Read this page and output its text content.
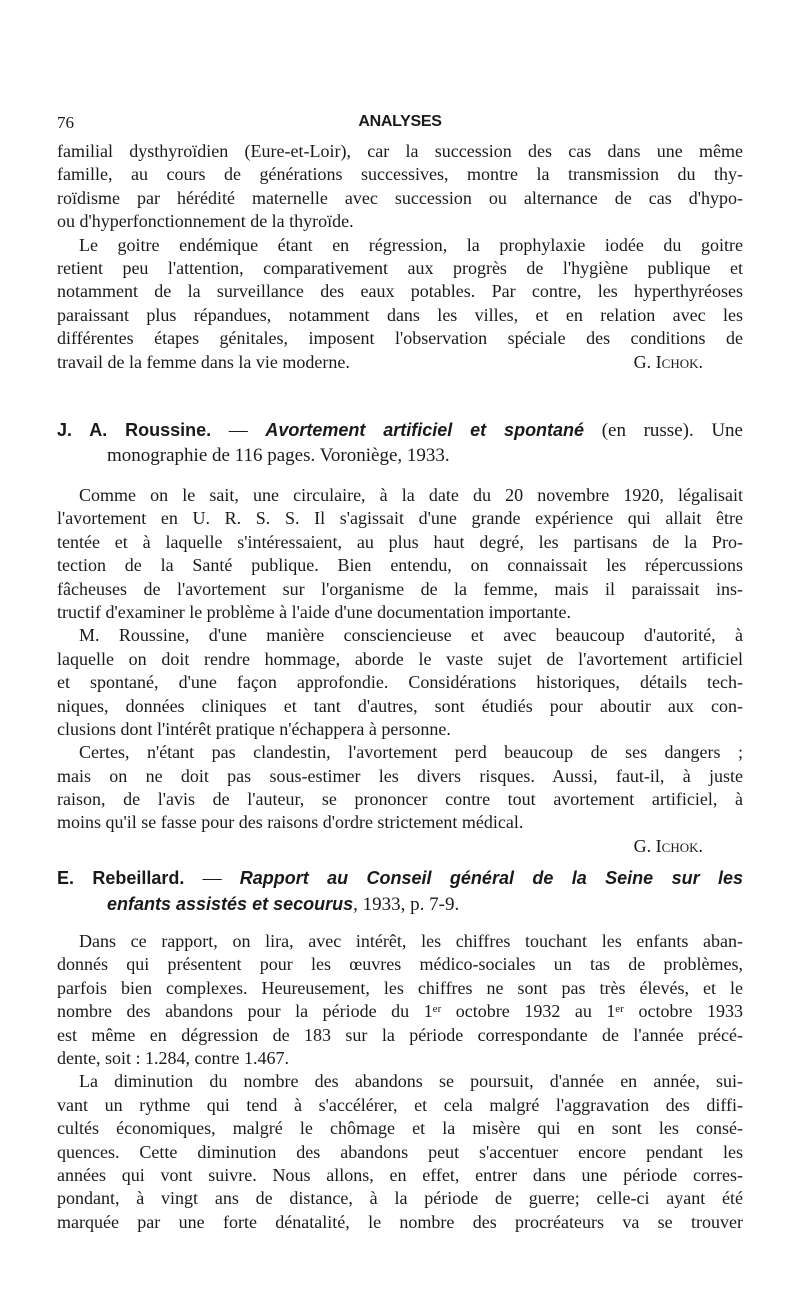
76	ANALYSES
familial dysthyroïdien (Eure-et-Loir), car la succession des cas dans une même
famille, au cours de générations successives, montre la transmission du thy-
roïdisme par hérédité maternelle avec succession ou alternance de cas d'hypo-
ou d'hyperfonctionnement de la thyroïde.
Le goitre endémique étant en régression, la prophylaxie iodée du goitre
retient peu l'attention, comparativement aux progrès de l'hygiène publique et
notamment de la surveillance des eaux potables. Par contre, les hyperthyréoses
paraissant plus répandues, notamment dans les villes, et en relation avec les
différentes étapes génitales, imposent l'observation spéciale des conditions de
travail de la femme dans la vie moderne.	G. Ichok.
J. A. Roussine. — Avortement artificiel et spontané (en russe). Une
monographie de 116 pages. Voroniège, 1933.
Comme on le sait, une circulaire, à la date du 20 novembre 1920, légalisait
l'avortement en U. R. S. S. Il s'agissait d'une grande expérience qui allait être
tentée et à laquelle s'intéressaient, au plus haut degré, les partisans de la Pro-
tection de la Santé publique. Bien entendu, on connaissait les répercussions
fâcheuses de l'avortement sur l'organisme de la femme, mais il paraissait ins-
tructif d'examiner le problème à l'aide d'une documentation importante.
M. Roussine, d'une manière consciencieuse et avec beaucoup d'autorité, à
laquelle on doit rendre hommage, aborde le vaste sujet de l'avortement artificiel
et spontané, d'une façon approfondie. Considérations historiques, détails tech-
niques, données cliniques et tant d'autres, sont étudiés pour aboutir aux con-
clusions dont l'intérêt pratique n'échappera à personne.
Certes, n'étant pas clandestin, l'avortement perd beaucoup de ses dangers ;
mais on ne doit pas sous-estimer les divers risques. Aussi, faut-il, à juste
raison, de l'avis de l'auteur, se prononcer contre tout avortement artificiel, à
moins qu'il se fasse pour des raisons d'ordre strictement médical.
G. Ichok.
E. Rebeillard. — Rapport au Conseil général de la Seine sur les
enfants assistés et secourus, 1933, p. 7-9.
Dans ce rapport, on lira, avec intérêt, les chiffres touchant les enfants aban-
donnés qui présentent pour les œuvres médico-sociales un tas de problèmes,
parfois bien complexes. Heureusement, les chiffres ne sont pas très élevés, et le
nombre des abandons pour la période du 1ᵉʳ octobre 1932 au 1ᵉʳ octobre 1933
est même en dégression de 183 sur la période correspondante de l'année précé-
dente, soit : 1.284, contre 1.467.
La diminution du nombre des abandons se poursuit, d'année en année, sui-
vant un rythme qui tend à s'accélérer, et cela malgré l'aggravation des diffi-
cultés économiques, malgré le chômage et la misère qui en sont les consé-
quences. Cette diminution des abandons peut s'accentuer encore pendant les
années qui vont suivre. Nous allons, en effet, entrer dans une période corres-
pondant, à vingt ans de distance, à la période de guerre; celle-ci ayant été
marquée par une forte dénatalité, le nombre des procréateurs va se trouver
